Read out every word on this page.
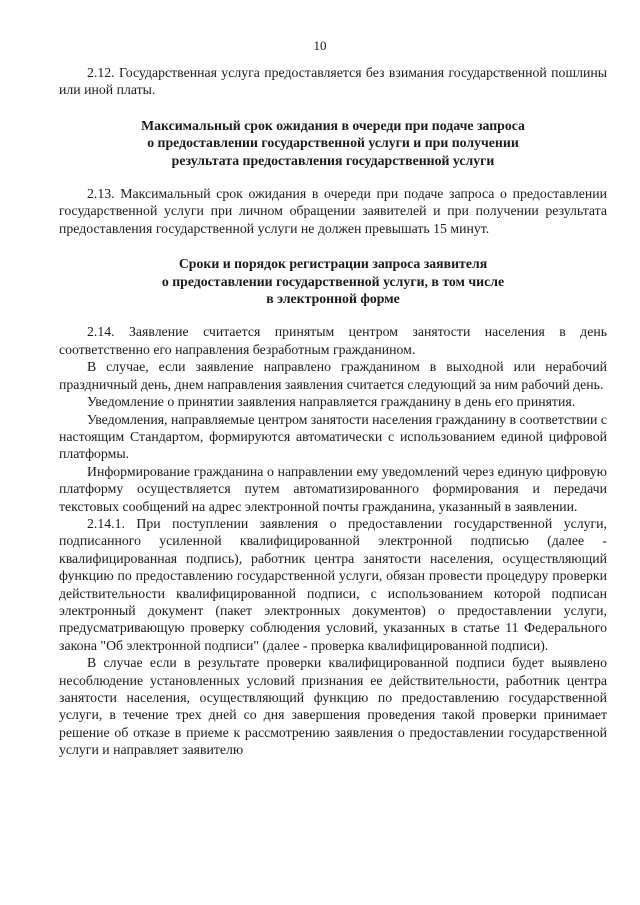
10

2.12. Государственная услуга предоставляется без взимания государственной пошлины или иной платы.

Максимальный срок ожидания в очереди при подаче запроса
о предоставлении государственной услуги и при получении
результата предоставления государственной услуги

2.13. Максимальный срок ожидания в очереди при подаче запроса о предоставлении государственной услуги при личном обращении заявителей и при получении результата предоставления государственной услуги не должен превышать 15 минут.

Сроки и порядок регистрации запроса заявителя
о предоставлении государственной услуги, в том числе
в электронной форме

2.14. Заявление считается принятым центром занятости населения в день соответственно его направления безработным гражданином.

В случае, если заявление направлено гражданином в выходной или нерабочий праздничный день, днем направления заявления считается следующий за ним рабочий день.

Уведомление о принятии заявления направляется гражданину в день его принятия.

Уведомления, направляемые центром занятости населения гражданину в соответствии с настоящим Стандартом, формируются автоматически с использованием единой цифровой платформы.

Информирование гражданина о направлении ему уведомлений через единую цифровую платформу осуществляется путем автоматизированного формирования и передачи текстовых сообщений на адрес электронной почты гражданина, указанный в заявлении.

2.14.1. При поступлении заявления о предоставлении государственной услуги, подписанного усиленной квалифицированной электронной подписью (далее - квалифицированная подпись), работник центра занятости населения, осуществляющий функцию по предоставлению государственной услуги, обязан провести процедуру проверки действительности квалифицированной подписи, с использованием которой подписан электронный документ (пакет электронных документов) о предоставлении услуги, предусматривающую проверку соблюдения условий, указанных в статье 11 Федерального закона "Об электронной подписи" (далее - проверка квалифицированной подписи).

В случае если в результате проверки квалифицированной подписи будет выявлено несоблюдение установленных условий признания ее действительности, работник центра занятости населения, осуществляющий функцию по предоставлению государственной услуги, в течение трех дней со дня завершения проведения такой проверки принимает решение об отказе в приеме к рассмотрению заявления о предоставлении государственной услуги и направляет заявителю
